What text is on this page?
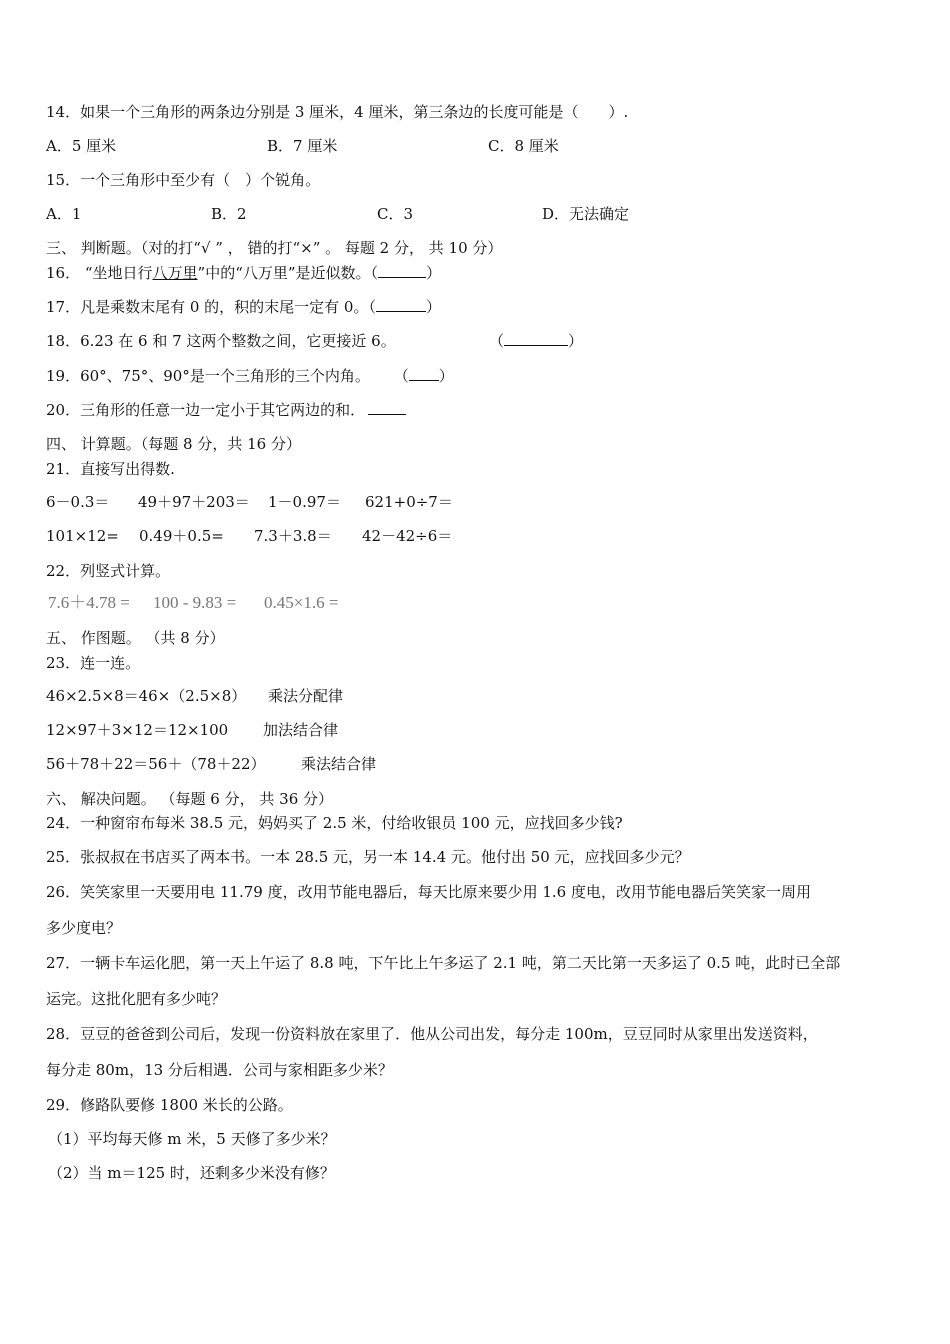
14．如果一个三角形的两条边分别是 3 厘米，4 厘米，第三条边的长度可能是（　　）.
A．5 厘米	B．7 厘米	C．8 厘米
15．一个三角形中至少有（　）个锐角。
A．1	B．2	C．3	D．无法确定
三、 判断题。（对的打“√ ” ， 错的打“×” 。 每题 2 分， 共 10 分）
16． “坐地日行八万里”中的“八万里”是近似数。（	）
17．凡是乘数末尾有 0 的，积的末尾一定有 0。（	）
18．6.23 在 6 和 7 这两个整数之间，它更接近 6。	（	）
19．60°、75°、90°是一个三角形的三个内角。 （ ）
20．三角形的任意一边一定小于其它两边的和．
四、 计算题。（每题 8 分，共 16 分）
21．直接写出得数.
6－0.3＝ 49＋97＋203＝ 1－0.97＝ 621+0÷7＝
101×12= 0.49＋0.5= 7.3＋3.8＝ 42－42÷6＝
22．列竖式计算。
7.6＋4.78 = 100 - 9.83 = 0.45×1.6 =
五、 作图题。 （共 8 分）
23．连一连。
46×2.5×8＝46×（2.5×8） 乘法分配律
12×97＋3×12＝12×100 加法结合律
56＋78＋22＝56＋（78＋22） 乘法结合律
六、 解决问题。 （每题 6 分， 共 36 分）
24．一种窗帘布每米 38.5 元，妈妈买了 2.5 米，付给收银员 100 元，应找回多少钱?
25．张叔叔在书店买了两本书。一本 28.5 元，另一本 14.4 元。他付出 50 元，应找回多少元？
26．笑笑家里一天要用电 11.79 度，改用节能电器后，每天比原来要少用 1.6 度电，改用节能电器后笑笑家一周用
多少度电？
27．一辆卡车运化肥，第一天上午运了 8.8 吨，下午比上午多运了 2.1 吨，第二天比第一天多运了 0.5 吨，此时已全部
运完。这批化肥有多少吨？
28．豆豆的爸爸到公司后，发现一份资料放在家里了．他从公司出发，每分走 100m，豆豆同时从家里出发送资料，
每分走 80m，13 分后相遇．公司与家相距多少米？
29．修路队要修 1800 米长的公路。
（1）平均每天修 m 米，5 天修了多少米？
（2）当 m＝125 时，还剩多少米没有修？
